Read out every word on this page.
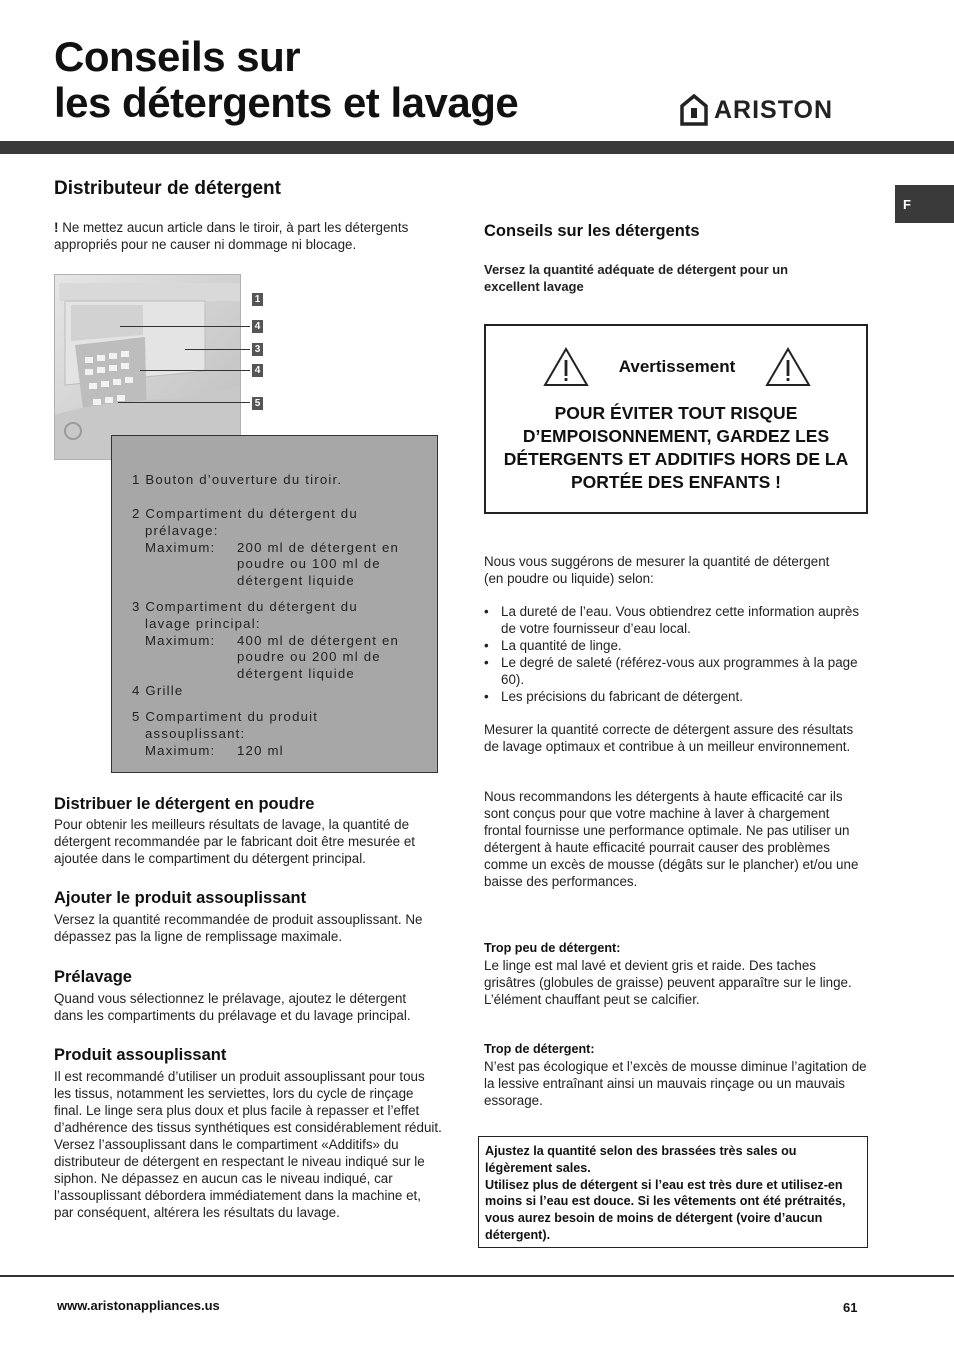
Conseils sur
les détergents et lavage	ARISTON
F
Distributeur de détergent
! Ne mettez aucun article dans le tiroir, à part les détergents appropriés pour ne causer ni dommage ni blocage.
1
4
3
4
5
1 Bouton d’ouverture du tiroir.
2 Compartiment du détergent du
prélavage:
Maximum:	200 ml de détergent en
poudre ou 100 ml de
détergent liquide
3 Compartiment du détergent du
lavage principal:
Maximum:	400 ml de détergent en
poudre ou 200 ml de
détergent liquide
4 Grille
5 Compartiment du produit
assouplissant:
Maximum:	120 ml
Distribuer le détergent en poudre
Pour obtenir les meilleurs résultats de lavage, la quantité de détergent recommandée par le fabricant doit être mesurée et ajoutée dans le compartiment du détergent principal.
Ajouter le produit assouplissant
Versez la quantité recommandée de produit assouplissant. Ne dépassez pas la ligne de remplissage maximale.
Prélavage
Quand vous sélectionnez le prélavage, ajoutez le détergent dans les compartiments du prélavage et du lavage principal.
Produit assouplissant
Il est recommandé d’utiliser un produit assouplissant pour tous les tissus, notamment les serviettes, lors du cycle de rinçage final. Le linge sera plus doux et plus facile à repasser et l’effet d’adhérence des tissus synthétiques est considérablement réduit.
Versez l’assouplissant dans le compartiment «Additifs» du distributeur de détergent en respectant le niveau indiqué sur le siphon. Ne dépassez en aucun cas le niveau indiqué, car l’assouplissant débordera immédiatement dans la machine et, par conséquent, altérera les résultats du lavage.
Conseils sur les détergents
Versez la quantité adéquate de détergent pour un excellent lavage
Avertissement
POUR ÉVITER TOUT RISQUE D’EMPOISONNEMENT, GARDEZ LES DÉTERGENTS ET ADDITIFS HORS DE LA PORTÉE DES ENFANTS !
Nous vous suggérons de mesurer la quantité de détergent (en poudre ou liquide) selon:
• La dureté de l’eau. Vous obtiendrez cette information auprès de votre fournisseur d’eau local.
• La quantité de linge.
• Le degré de saleté (référez-vous aux programmes à la page 60).
• Les précisions du fabricant de détergent.
Mesurer la quantité correcte de détergent assure des résultats de lavage optimaux et contribue à un meilleur environnement.
Nous recommandons les détergents à haute efficacité car ils sont conçus pour que votre machine à laver à chargement frontal fournisse une performance optimale. Ne pas utiliser un détergent à haute efficacité pourrait causer des problèmes comme un excès de mousse (dégâts sur le plancher) et/ou une baisse des performances.
Trop peu de détergent:
Le linge est mal lavé et devient gris et raide. Des taches grisâtres (globules de graisse) peuvent apparaître sur le linge. L’élément chauffant peut se calcifier.
Trop de détergent:
N’est pas écologique et l’excès de mousse diminue l’agitation de la lessive entraînant ainsi un mauvais rinçage ou un mauvais essorage.
Ajustez la quantité selon des brassées très sales ou légèrement sales.
Utilisez plus de détergent si l’eau est très dure et utilisez-en moins si l’eau est douce. Si les vêtements ont été prétraités, vous aurez besoin de moins de détergent (voire d’aucun détergent).
www.aristonappliances.us	61
